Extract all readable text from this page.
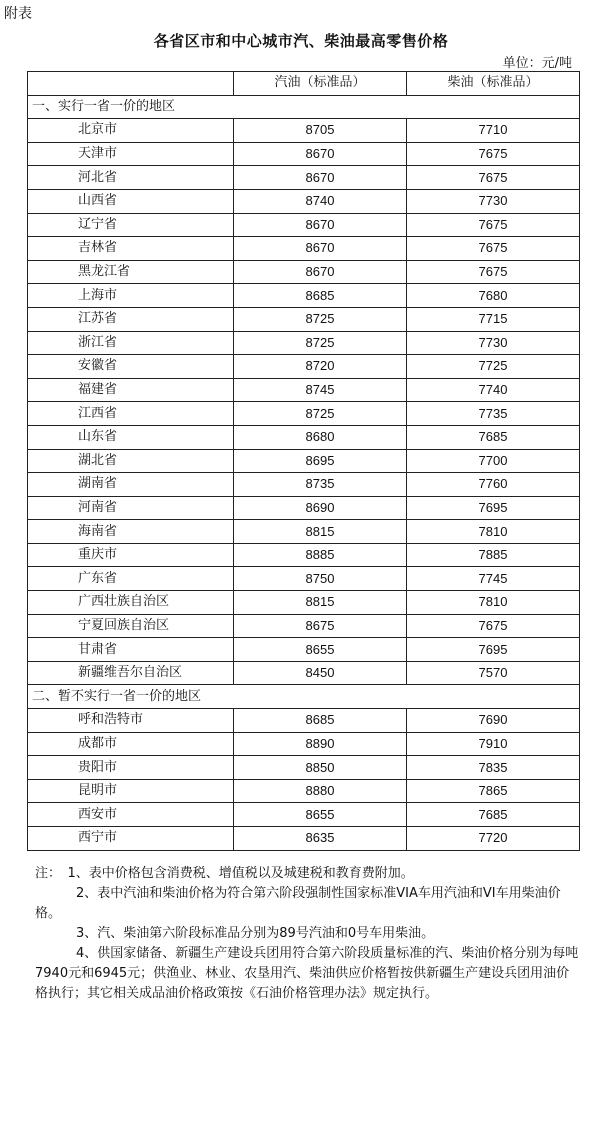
附表
各省区市和中心城市汽、柴油最高零售价格
单位：元/吨
	汽油（标准品）	柴油（标准品）
一、实行一省一价的地区		
北京市	8705	7710
天津市	8670	7675
河北省	8670	7675
山西省	8740	7730
辽宁省	8670	7675
吉林省	8670	7675
黑龙江省	8670	7675
上海市	8685	7680
江苏省	8725	7715
浙江省	8725	7730
安徽省	8720	7725
福建省	8745	7740
江西省	8725	7735
山东省	8680	7685
湖北省	8695	7700
湖南省	8735	7760
河南省	8690	7695
海南省	8815	7810
重庆市	8885	7885
广东省	8750	7745
广西壮族自治区	8815	7810
宁夏回族自治区	8675	7675
甘肃省	8655	7695
新疆维吾尔自治区	8450	7570
二、暂不实行一省一价的地区		
呼和浩特市	8685	7690
成都市	8890	7910
贵阳市	8850	7835
昆明市	8880	7865
西安市	8655	7685
西宁市	8635	7720

注：　1、表中价格包含消费税、增值税以及城建税和教育费附加。

2、表中汽油和柴油价格为符合第六阶段强制性国家标准VIA车用汽油和VI车用柴油价格。

3、汽、柴油第六阶段标准品分别为89号汽油和0号车用柴油。

4、供国家储备、新疆生产建设兵团用符合第六阶段质量标准的汽、柴油价格分别为每吨7940元和6945元；供渔业、林业、农垦用汽、柴油供应价格暂按供新疆生产建设兵团用油价格执行；其它相关成品油价格政策按《石油价格管理办法》规定执行。
